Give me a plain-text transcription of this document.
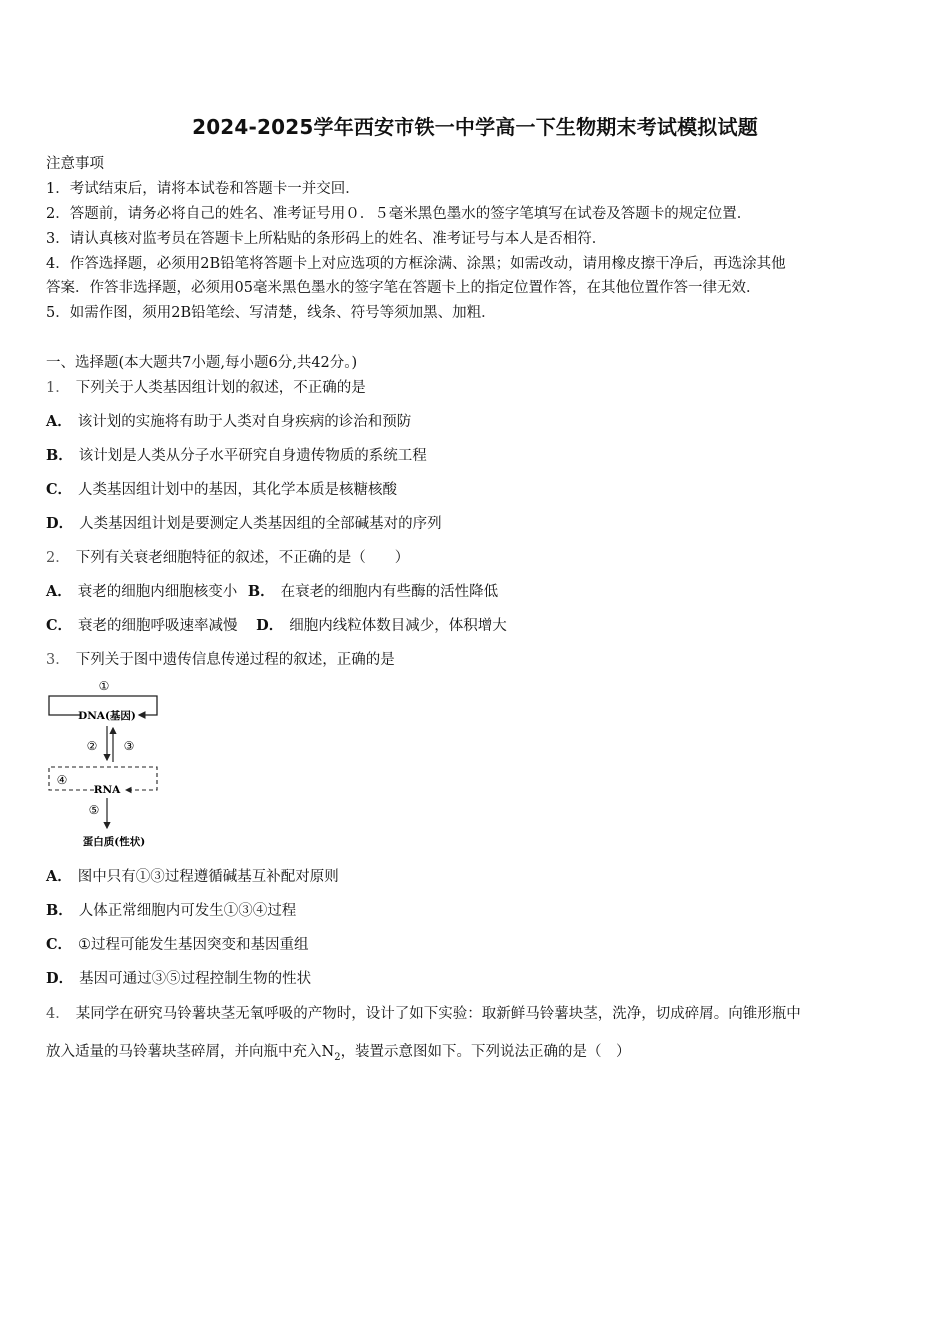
2024-2025学年西安市铁一中学高一下生物期末考试模拟试题
注意事项
1．考试结束后，请将本试卷和答题卡一并交回．
2．答题前，请务必将自己的姓名、准考证号用０．５毫米黑色墨水的签字笔填写在试卷及答题卡的规定位置．
3．请认真核对监考员在答题卡上所粘贴的条形码上的姓名、准考证号与本人是否相符．
4．作答选择题，必须用2B铅笔将答题卡上对应选项的方框涂满、涂黑；如需改动，请用橡皮擦干净后，再选涂其他
答案．作答非选择题，必须用05毫米黑色墨水的签字笔在答题卡上的指定位置作答，在其他位置作答一律无效．
5．如需作图，须用2B铅笔绘、写清楚，线条、符号等须加黑、加粗．
一、选择题(本大题共7小题,每小题6分,共42分。)
1． 下列关于人类基因组计划的叙述，不正确的是
A． 该计划的实施将有助于人类对自身疾病的诊治和预防
B． 该计划是人类从分子水平研究自身遗传物质的系统工程
C． 人类基因组计划中的基因，其化学本质是核糖核酸
D． 人类基因组计划是要测定人类基因组的全部碱基对的序列
2． 下列有关衰老细胞特征的叙述，不正确的是（　　）
A． 衰老的细胞内细胞核变小 B． 在衰老的细胞内有些酶的活性降低
C． 衰老的细胞呼吸速率减慢 D． 细胞内线粒体数目减少，体积增大
3． 下列关于图中遗传信息传递过程的叙述，正确的是
①
DNA(基因)
② ③
④
RNA
⑤
蛋白质(性状)
A． 图中只有①③过程遵循碱基互补配对原则
B． 人体正常细胞内可发生①③④过程
C． ①过程可能发生基因突变和基因重组
D． 基因可通过③⑤过程控制生物的性状
4． 某同学在研究马铃薯块茎无氧呼吸的产物时，设计了如下实验：取新鲜马铃薯块茎，洗净，切成碎屑。向锥形瓶中
放入适量的马铃薯块茎碎屑，并向瓶中充入$N_2$，装置示意图如下。下列说法正确的是（　）
